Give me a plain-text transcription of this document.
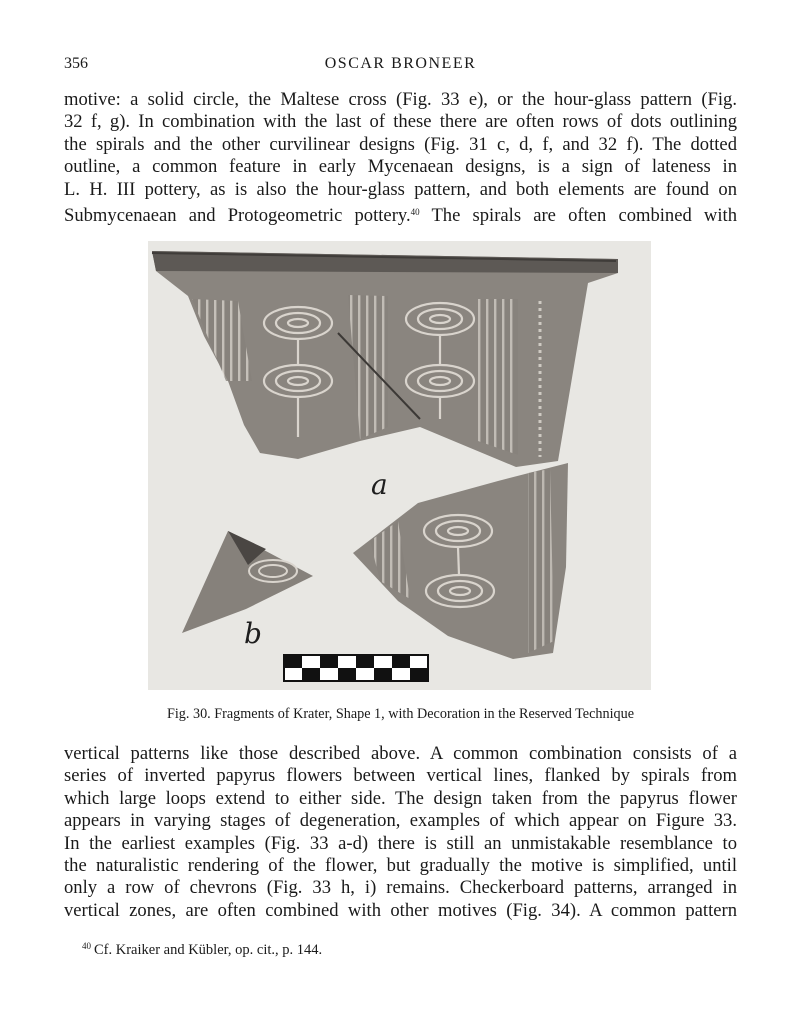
356	OSCAR BRONEER
motive: a solid circle, the Maltese cross (Fig. 33 e), or the hour-glass pattern (Fig.
32 f, g). In combination with the last of these there are often rows of dots outlining
the spirals and the other curvilinear designs (Fig. 31 c, d, f, and 32 f). The dotted
outline, a common feature in early Mycenaean designs, is a sign of lateness in
L. H. III pottery, as is also the hour-glass pattern, and both elements are found on
Submycenaean and Protogeometric pottery.$^{40}$ The spirals are often combined with
a
b
Fig. 30. Fragments of Krater, Shape 1, with Decoration in the Reserved Technique
vertical patterns like those described above. A common combination consists of a
series of inverted papyrus flowers between vertical lines, flanked by spirals from
which large loops extend to either side. The design taken from the papyrus flower
appears in varying stages of degeneration, examples of which appear on Figure 33.
In the earliest examples (Fig. 33 a-d) there is still an unmistakable resemblance to
the naturalistic rendering of the flower, but gradually the motive is simplified, until
only a row of chevrons (Fig. 33 h, i) remains. Checkerboard patterns, arranged in
vertical zones, are often combined with other motives (Fig. 34). A common pattern
$^{40}$ Cf. Kraiker and Kübler, op. cit., p. 144.
